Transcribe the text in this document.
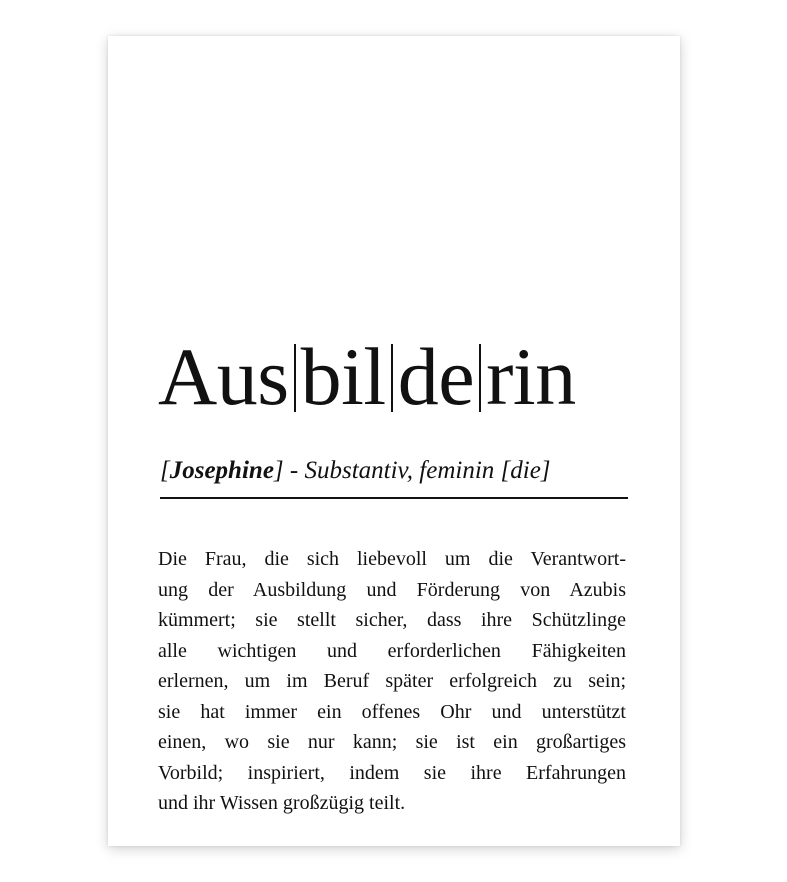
Aus bil de rin
[Josephine] - Substantiv, feminin [die]
Die Frau, die sich liebevoll um die Verantwort-
ung der Ausbildung und Förderung von Azubis
kümmert; sie stellt sicher, dass ihre Schützlinge
alle wichtigen und erforderlichen Fähigkeiten
erlernen, um im Beruf später erfolgreich zu sein;
sie hat immer ein offenes Ohr und unterstützt
einen, wo sie nur kann; sie ist ein großartiges
Vorbild; inspiriert, indem sie ihre Erfahrungen
und ihr Wissen großzügig teilt.
